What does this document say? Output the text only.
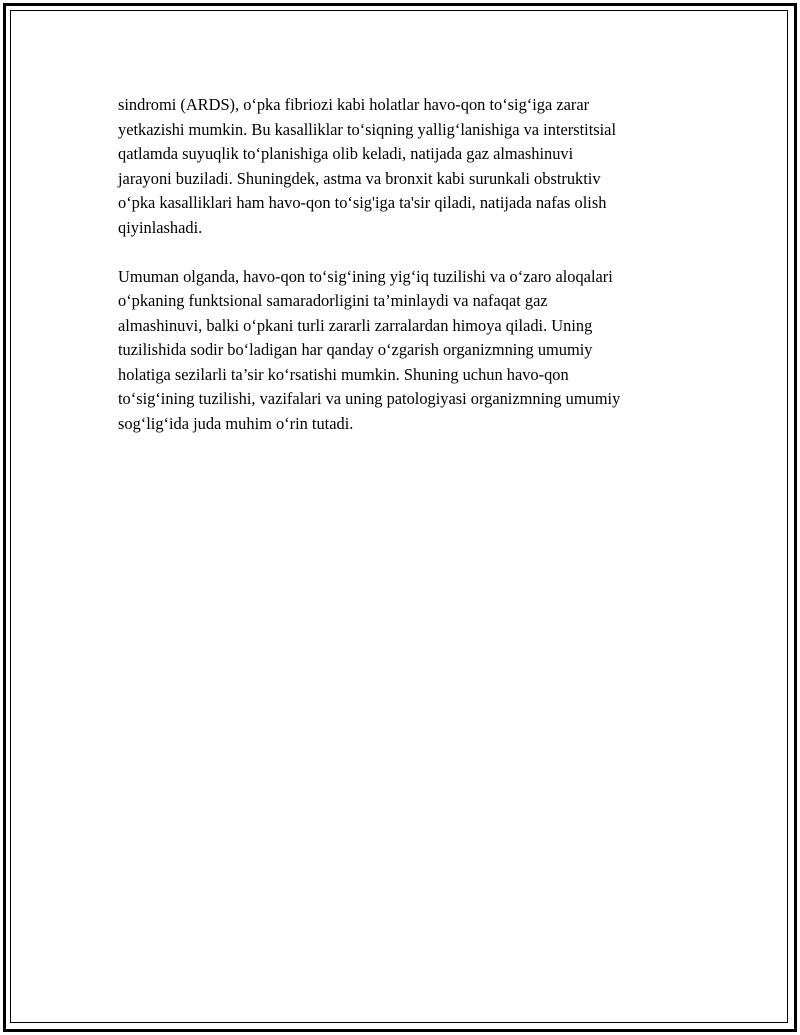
sindromi (ARDS), o‘pka fibriozi kabi holatlar havo-qon to‘sig‘iga zarar
yetkazishi mumkin. Bu kasalliklar to‘siqning yallig‘lanishiga va interstitsial
qatlamda suyuqlik to‘planishiga olib keladi, natijada gaz almashinuvi
jarayoni buziladi. Shuningdek, astma va bronxit kabi surunkali obstruktiv
o‘pka kasalliklari ham havo-qon to‘sig'iga ta'sir qiladi, natijada nafas olish
qiyinlashadi.

Umuman olganda, havo-qon to‘sig‘ining yig‘iq tuzilishi va o‘zaro aloqalari
o‘pkaning funktsional samaradorligini ta’minlaydi va nafaqat gaz
almashinuvi, balki o‘pkani turli zararli zarralardan himoya qiladi. Uning
tuzilishida sodir bo‘ladigan har qanday o‘zgarish organizmning umumiy
holatiga sezilarli ta’sir ko‘rsatishi mumkin. Shuning uchun havo-qon
to‘sig‘ining tuzilishi, vazifalari va uning patologiyasi organizmning umumiy
sog‘lig‘ida juda muhim o‘rin tutadi.
